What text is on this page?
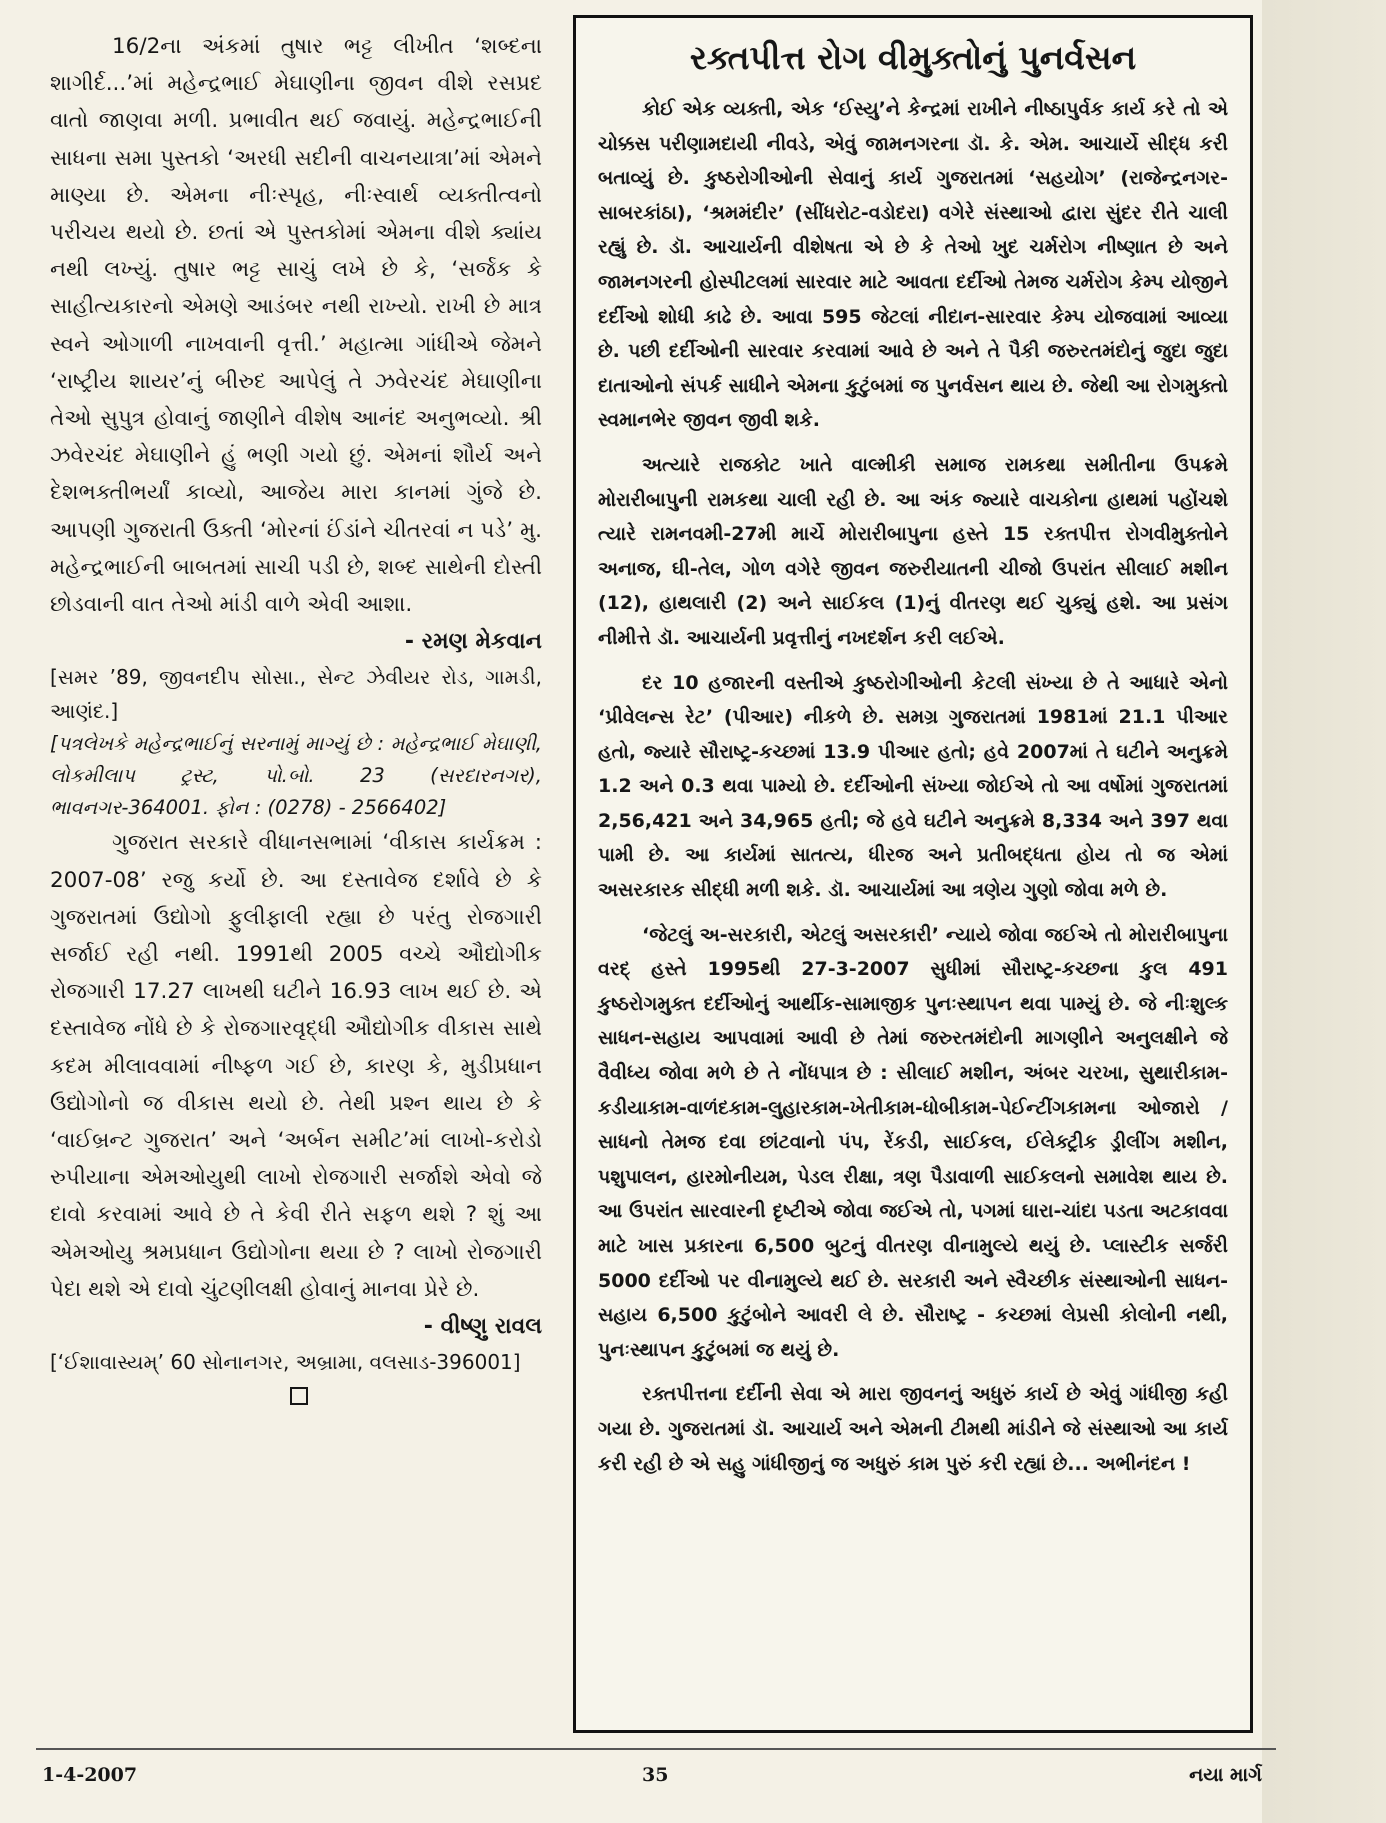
16/2ના અંકમાં તુષાર ભટ્ટ લીખીત ‘શબ્દના શાગીર્દ...’માં મહેન્દ્રભાઈ મેઘાણીના જીવન વીશે રસપ્રદ વાતો જાણવા મળી. પ્રભાવીત થઈ જવાયું. મહેન્દ્રભાઈની સાધના સમા પુસ્તકો ‘અરધી સદીની વાચનયાત્રા’માં એમને માણ્યા છે. એમના નીઃસ્પૃહ, નીઃસ્વાર્થ વ્યક્તીત્વનો પરીચય થયો છે. છતાં એ પુસ્તકોમાં એમના વીશે ક્યાંય નથી લખ્યું. તુષાર ભટ્ટ સાચું લખે છે કે, ‘સર્જક કે સાહીત્યકારનો એમણે આડંબર નથી રાખ્યો. રાખી છે માત્ર સ્વને ઓગાળી નાખવાની વૃત્તી.’ મહાત્મા ગાંધીએ જેમને ‘રાષ્ટ્રીય શાયર’નું બીરુદ આપેલું તે ઝવેરચંદ મેઘાણીના તેઓ સુપુત્ર હોવાનું જાણીને વીશેષ આનંદ અનુભવ્યો. શ્રી ઝવેરચંદ મેઘાણીને હું ભણી ગયો છું. એમનાં શૌર્ય અને દેશભક્તીભર્યાં કાવ્યો, આજેય મારા કાનમાં ગુંજે છે. આપણી ગુજરાતી ઉક્તી ‘મોરનાં ઈંડાંને ચીતરવાં ન પડે’ મુ. મહેન્દ્રભાઈની બાબતમાં સાચી પડી છે, શબ્દ સાથેની દોસ્તી છોડવાની વાત તેઓ માંડી વાળે એવી આશા.

- રમણ મેકવાન

[સમર ’89, જીવનદીપ સોસા., સેન્ટ ઝેવીયર રોડ, ગામડી, આણંદ.]

[પત્રલેખકે મહેન્દ્રભાઈનું સરનામું માગ્યું છે : મહેન્દ્રભાઈ મેઘાણી, લોકમીલાપ ટ્રસ્ટ, પો.બો. 23 (સરદારનગર), ભાવનગર-364001. ફોન : (0278) - 2566402]

ગુજરાત સરકારે વીધાનસભામાં ‘વીકાસ કાર્યક્રમ : 2007-08’ રજુ કર્યો છે. આ દસ્તાવેજ દર્શાવે છે કે ગુજરાતમાં ઉદ્યોગો ફુલીફાલી રહ્યા છે પરંતુ રોજગારી સર્જાઈ રહી નથી. 1991થી 2005 વચ્ચે ઔદ્યોગીક રોજગારી 17.27 લાખથી ઘટીને 16.93 લાખ થઈ છે. એ દસ્તાવેજ નોંધે છે કે રોજગારવૃદ્ધી ઔદ્યોગીક વીકાસ સાથે કદમ મીલાવવામાં નીષ્ફળ ગઈ છે, કારણ કે, મુડીપ્રધાન ઉદ્યોગોનો જ વીકાસ થયો છે. તેથી પ્રશ્ન થાય છે કે ‘વાઈબ્રન્ટ ગુજરાત’ અને ‘અર્બન સમીટ’માં લાખો-કરોડો રુપીયાના એમઓયુથી લાખો રોજગારી સર્જાશે એવો જે દાવો કરવામાં આવે છે તે કેવી રીતે સફળ થશે ? શું આ એમઓયુ શ્રમપ્રધાન ઉદ્યોગોના થયા છે ? લાખો રોજગારી પેદા થશે એ દાવો ચુંટણીલક્ષી હોવાનું માનવા પ્રેરે છે.

- વીષ્ણુ રાવલ

[‘ઈશાવાસ્યમ્’ 60 સોનાનગર, અબ્રામા, વલસાડ-396001]

રક્તપીત્ત રોગ વીમુક્તોનું પુનર્વસન

કોઈ એક વ્યક્તી, એક ‘ઈસ્યુ’ને કેન્દ્રમાં રાખીને નીષ્ઠાપુર્વક કાર્ય કરે તો એ ચોક્કસ પરીણામદાયી નીવડે, એવું જામનગરના ડૉ. કે. એમ. આચાર્યે સીદ્ધ કરી બતાવ્યું છે. કુષ્ઠરોગીઓની સેવાનું કાર્ય ગુજરાતમાં ‘સહયોગ’ (રાજેન્દ્રનગર-સાબરકાંઠા), ‘શ્રમમંદીર’ (સીંધરોટ-વડોદરા) વગેરે સંસ્થાઓ દ્વારા સુંદર રીતે ચાલી રહ્યું છે. ડૉ. આચાર્યની વીશેષતા એ છે કે તેઓ ખુદ ચર્મરોગ નીષ્ણાત છે અને જામનગરની હોસ્પીટલમાં સારવાર માટે આવતા દર્દીઓ તેમજ ચર્મરોગ કેમ્પ યોજીને દર્દીઓ શોધી કાઢે છે. આવા 595 જેટલાં નીદાન-સારવાર કેમ્પ યોજવામાં આવ્યા છે. પછી દર્દીઓની સારવાર કરવામાં આવે છે અને તે પૈકી જરુરતમંદોનું જુદા જુદા દાતાઓનો સંપર્ક સાધીને એમના કુટુંબમાં જ પુનર્વસન થાય છે. જેથી આ રોગમુક્તો સ્વમાનભેર જીવન જીવી શકે.

અત્યારે રાજકોટ ખાતે વાલ્મીકી સમાજ રામકથા સમીતીના ઉપક્રમે મોરારીબાપુની રામકથા ચાલી રહી છે. આ અંક જ્યારે વાચકોના હાથમાં પહોંચશે ત્યારે રામનવમી-27મી માર્ચે મોરારીબાપુના હસ્તે 15 રક્તપીત્ત રોગવીમુક્તોને અનાજ, ઘી-તેલ, ગોળ વગેરે જીવન જરુરીયાતની ચીજો ઉપરાંત સીલાઈ મશીન (12), હાથલારી (2) અને સાઈકલ (1)નું વીતરણ થઈ ચુક્યું હશે. આ પ્રસંગ નીમીત્તે ડૉ. આચાર્યની પ્રવૃત્તીનું નખદર્શન કરી લઈએ.

દર 10 હજારની વસ્તીએ કુષ્ઠરોગીઓની કેટલી સંખ્યા છે તે આધારે એનો ‘પ્રીવેલન્સ રેટ’ (પીઆર) નીકળે છે. સમગ્ર ગુજરાતમાં 1981માં 21.1 પીઆર હતો, જ્યારે સૌરાષ્ટ્ર-કચ્છમાં 13.9 પીઆર હતો; હવે 2007માં તે ઘટીને અનુક્રમે 1.2 અને 0.3 થવા પામ્યો છે. દર્દીઓની સંખ્યા જોઈએ તો આ વર્ષોમાં ગુજરાતમાં 2,56,421 અને 34,965 હતી; જે હવે ઘટીને અનુક્રમે 8,334 અને 397 થવા પામી છે. આ કાર્યમાં સાતત્ય, ધીરજ અને પ્રતીબદ્ધતા હોય તો જ એમાં અસરકારક સીદ્ધી મળી શકે. ડૉ. આચાર્યમાં આ ત્રણેય ગુણો જોવા મળે છે.

‘જેટલું અ-સરકારી, એટલું અસરકારી’ ન્યાયે જોવા જઈએ તો મોરારીબાપુના વરદ્ હસ્તે 1995થી 27-3-2007 સુધીમાં સૌરાષ્ટ્ર-કચ્છના કુલ 491 કુષ્ઠરોગમુક્ત દર્દીઓનું આર્થીક-સામાજીક પુનઃસ્થાપન થવા પામ્યું છે. જે નીઃશુલ્ક સાધન-સહાય આપવામાં આવી છે તેમાં જરુરતમંદોની માગણીને અનુલક્ષીને જે વૈવીધ્ય જોવા મળે છે તે નોંધપાત્ર છે : સીલાઈ મશીન, અંબર ચરખા, સુથારીકામ-કડીયાકામ-વાળંદકામ-લુહારકામ-ખેતીકામ-ધોબીકામ-પેઈન્ટીંગકામના ઓજારો / સાધનો તેમજ દવા છાંટવાનો પંપ, રેંકડી, સાઈકલ, ઈલેક્ટ્રીક ડ્રીલીંગ મશીન, પશુપાલન, હારમોનીયમ, પેડલ રીક્ષા, ત્રણ પૈડાવાળી સાઈકલનો સમાવેશ થાય છે. આ ઉપરાંત સારવારની દૃષ્ટીએ જોવા જઈએ તો, પગમાં ઘારા-ચાંદા પડતા અટકાવવા માટે ખાસ પ્રકારના 6,500 બુટનું વીતરણ વીનામુલ્યે થયું છે. પ્લાસ્ટીક સર્જરી 5000 દર્દીઓ પર વીનામુલ્યે થઈ છે. સરકારી અને સ્વૈચ્છીક સંસ્થાઓની સાધન-સહાય 6,500 કુટુંબોને આવરી લે છે. સૌરાષ્ટ્ર - કચ્છમાં લેપ્રસી કોલોની નથી, પુનઃસ્થાપન કુટુંબમાં જ થયું છે.

રક્તપીત્તના દર્દીની સેવા એ મારા જીવનનું અધુરું કાર્ય છે એવું ગાંધીજી કહી ગયા છે. ગુજરાતમાં ડૉ. આચાર્ય અને એમની ટીમથી માંડીને જે સંસ્થાઓ આ કાર્ય કરી રહી છે એ સહુ ગાંધીજીનું જ અધુરું કામ પુરું કરી રહ્યાં છે... અભીનંદન !

1-4-2007	35	નયા માર્ગ
